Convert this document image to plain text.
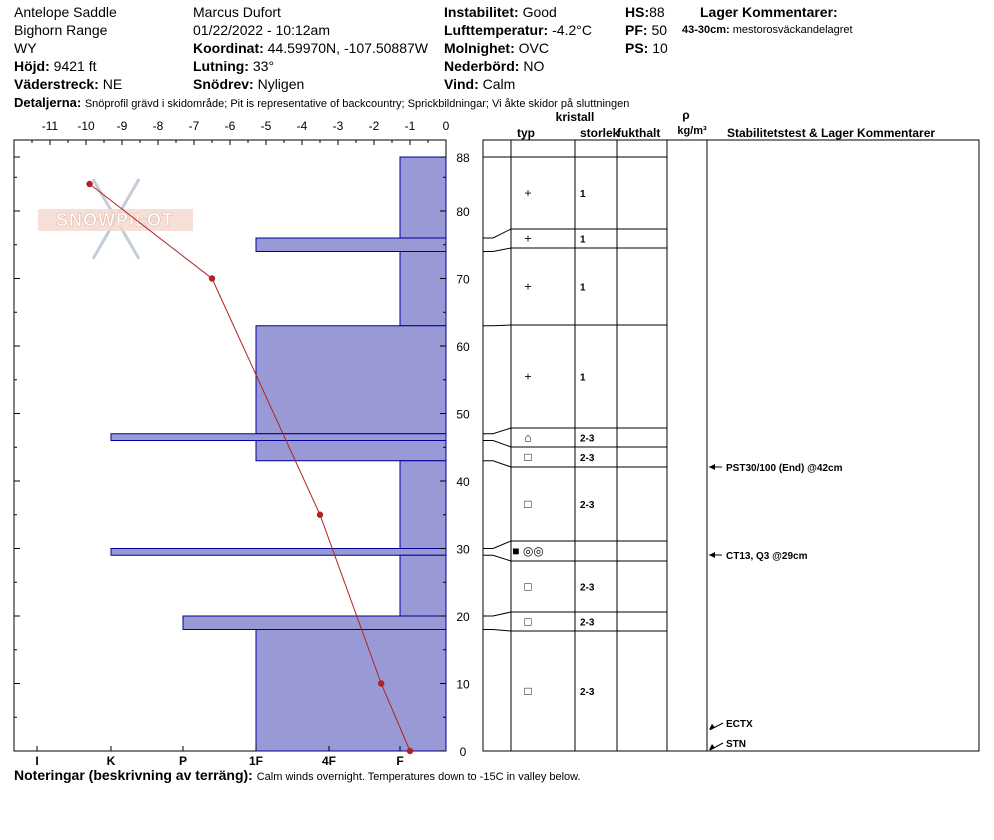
Antelope Saddle
Bighorn Range
WY
Höjd: 9421 ft
Väderstreck: NE
Marcus Dufort
01/22/2022 - 10:12am
Koordinat: 44.59970N, -107.50887W
Lutning: 33°
Snödrev: Nyligen
Instabilitet: Good
Lufttemperatur: -4.2°C
Molnighet: OVC
Nederbörd: NO
Vind: Calm
HS:88
PF: 50
PS: 10
Lager Kommentarer:
43-30cm: mestorosväckandelagret
Detaljerna: Snöprofil grävd i skidområde; Pit is representative of backcountry; Sprickbildningar; Vi åkte skidor på sluttningen
SNOWPILOT
-11 -10 -9 -8 -7 -6 -5 -4 -3 -2 -1 0
0
10
20
30
40
50
60
70
80
88
I	K	P	1F	4F	F
kristall
typ	storlek
fukthalt
ρ
kg/m³ Stabilitetstest & Lager Kommentarer
+	1
+	1
+	1
+	1
⌂	2-3
□	2-3
□	2-3
■ ◎◎
□	2-3
□	2-3
□	2-3
PST30/100 (End) @42cm
CT13, Q3 @29cm
ECTX
STN
Noteringar (beskrivning av terräng): Calm winds overnight. Temperatures down to -15C in valley below.
